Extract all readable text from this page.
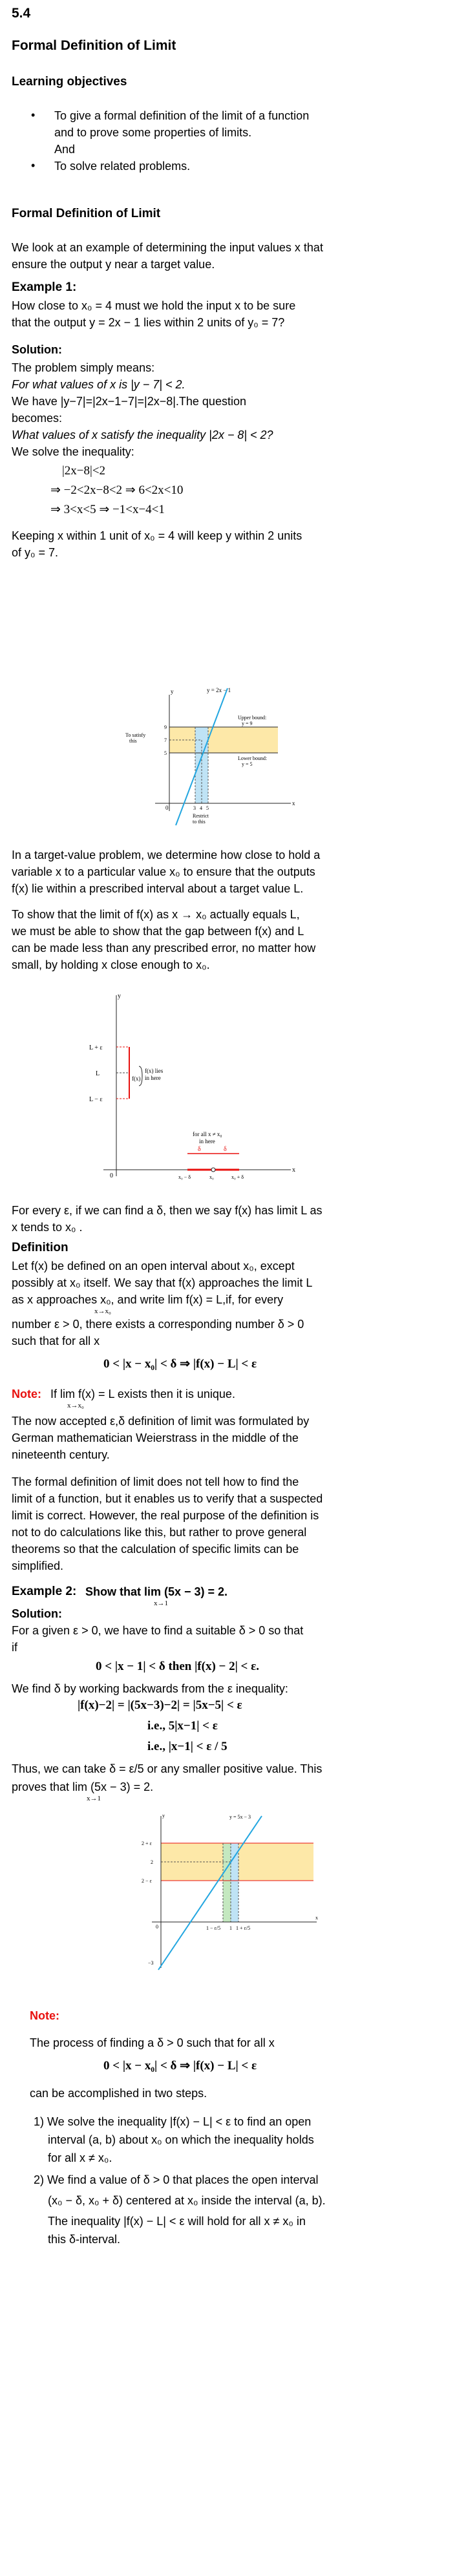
5.4
Formal Definition of Limit
Learning objectives
• To give a formal definition of the limit of a function
and to prove some properties of limits.
And
• To solve related problems.
Formal Definition of Limit
We look at an example of determining the input values x that
ensure the output y near a target value.
Example 1:
How close to x₀ = 4 must we hold the input x to be sure
that the output y = 2x − 1 lies within 2 units of y₀ = 7?
Solution:
The problem simply means:
For what values of x is |y − 7| < 2.
We have |y−7|=|2x−1−7|=|2x−8|.The question
becomes:
What values of x satisfy the inequality |2x − 8| < 2?
We solve the inequality:
|2x−8|<2
⇒ −2<2x−8<2 ⇒ 6<2x<10
⇒ 3<x<5 ⇒ −1<x−4<1
Keeping x within 1 unit of x₀ = 4 will keep y within 2 units
of y₀ = 7.
y
x
0
y = 2x − 1
Upper bound:
y = 9
Lower bound:
y = 5
To satisfy
this
9
7
5
3 4 5
Restrict
to this
In a target-value problem, we determine how close to hold a
variable x to a particular value x₀ to ensure that the outputs
f(x) lie within a prescribed interval about a target value L.
To show that the limit of f(x) as x → x₀ actually equals L,
we must be able to show that the gap between f(x) and L
can be made less than any prescribed error, no matter how
small, by holding x close enough to x₀.
y
x
0
L + ε
L
L − ε
f(x)
f(x) lies
in here
for all x ≠ x₀
in here
δ	δ
x₀ − δ	x₀	x₀ + δ
For every ε, if we can find a δ, then we say f(x) has limit L as
x tends to x₀ .
Definition
Let f(x) be defined on an open interval about x₀, except
possibly at x₀ itself. We say that f(x) approaches the limit L
as x approaches x₀, and write lim f(x) = L,if, for every
x→x₀
number ε > 0, there exists a corresponding number δ > 0
such that for all x
0 < |x − x₀| < δ ⇒ |f(x) − L| < ε
Note: If lim f(x) = L exists then it is unique.
x→x₀
The now accepted ε,δ definition of limit was formulated by
German mathematician Weierstrass in the middle of the
nineteenth century.
The formal definition of limit does not tell how to find the
limit of a function, but it enables us to verify that a suspected
limit is correct. However, the real purpose of the definition is
not to do calculations like this, but rather to prove general
theorems so that the calculation of specific limits can be
simplified.
Example 2: Show that lim (5x − 3) = 2.
x→1
Solution:
For a given ε > 0, we have to find a suitable δ > 0 so that
if
0 < |x − 1| < δ then |f(x) − 2| < ε.
We find δ by working backwards from the ε inequality:
|f(x)−2| = |(5x−3)−2| = |5x−5| < ε
i.e., 5|x−1| < ε
i.e., |x−1| < ε / 5
Thus, we can take δ = ε/5 or any smaller positive value. This
proves that lim (5x − 3) = 2.
x→1
y
x
0
−3
y = 5x − 3
2 + ε
2
2 − ε
1 − ε/5 1 1 + ε/5
Note:
The process of finding a δ > 0 such that for all x
0 < |x − x₀| < δ ⇒ |f(x) − L| < ε
can be accomplished in two steps.
1) We solve the inequality |f(x) − L| < ε to find an open
interval (a, b) about x₀ on which the inequality holds
for all x ≠ x₀.
2) We find a value of δ > 0 that places the open interval
(x₀ − δ, x₀ + δ) centered at x₀ inside the interval (a, b).
The inequality |f(x) − L| < ε will hold for all x ≠ x₀ in
this δ-interval.
